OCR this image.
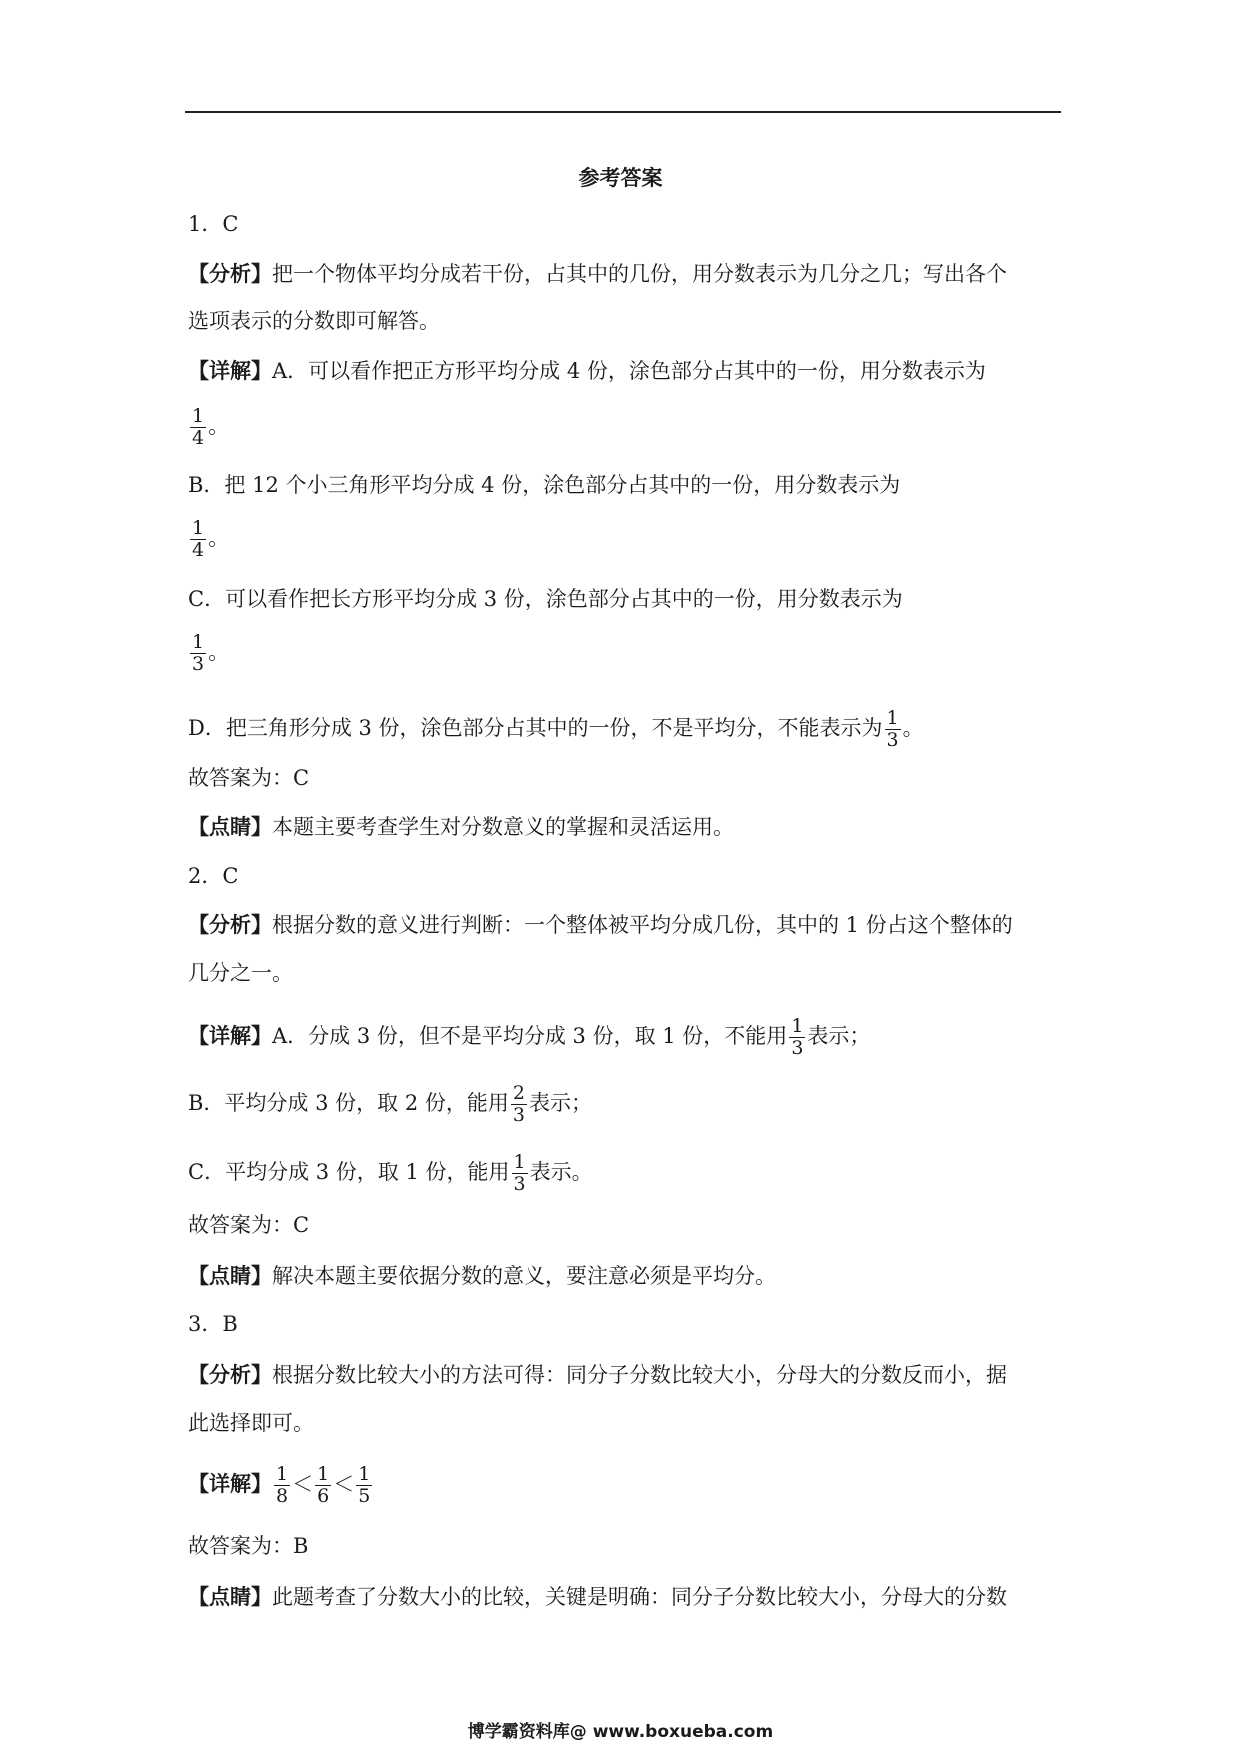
参考答案
1．C
【分析】把一个物体平均分成若干份，占其中的几份，用分数表示为几分之几；写出各个
选项表示的分数即可解答。
【详解】A．可以看作把正方形平均分成 4 份，涂色部分占其中的一份，用分数表示为
$\frac{1}{4}$ 。
B．把 12 个小三角形平均分成 4 份，涂色部分占其中的一份，用分数表示为
$\frac{1}{4}$ 。
C．可以看作把长方形平均分成 3 份，涂色部分占其中的一份，用分数表示为
$\frac{1}{3}$ 。
D．把三角形分成 3 份，涂色部分占其中的一份，不是平均分，不能表示为 $\frac{1}{3}$ 。
故答案为：C
【点睛】本题主要考查学生对分数意义的掌握和灵活运用。
2．C
【分析】根据分数的意义进行判断：一个整体被平均分成几份，其中的 1 份占这个整体的
几分之一。
【详解】A．分成 3 份，但不是平均分成 3 份，取 1 份，不能用 $\frac{1}{3}$ 表示；
B．平均分成 3 份，取 2 份，能用 $\frac{2}{3}$ 表示；
C．平均分成 3 份，取 1 份，能用 $\frac{1}{3}$ 表示。
故答案为：C
【点睛】解决本题主要依据分数的意义，要注意必须是平均分。
3．B
【分析】根据分数比较大小的方法可得：同分子分数比较大小，分母大的分数反而小，据
此选择即可。
【详解】 $\frac{1}{8} < \frac{1}{6} < \frac{1}{5}$
故答案为：B
【点睛】此题考查了分数大小的比较，关键是明确：同分子分数比较大小，分母大的分数
博学霸资料库@ www.boxueba.com
